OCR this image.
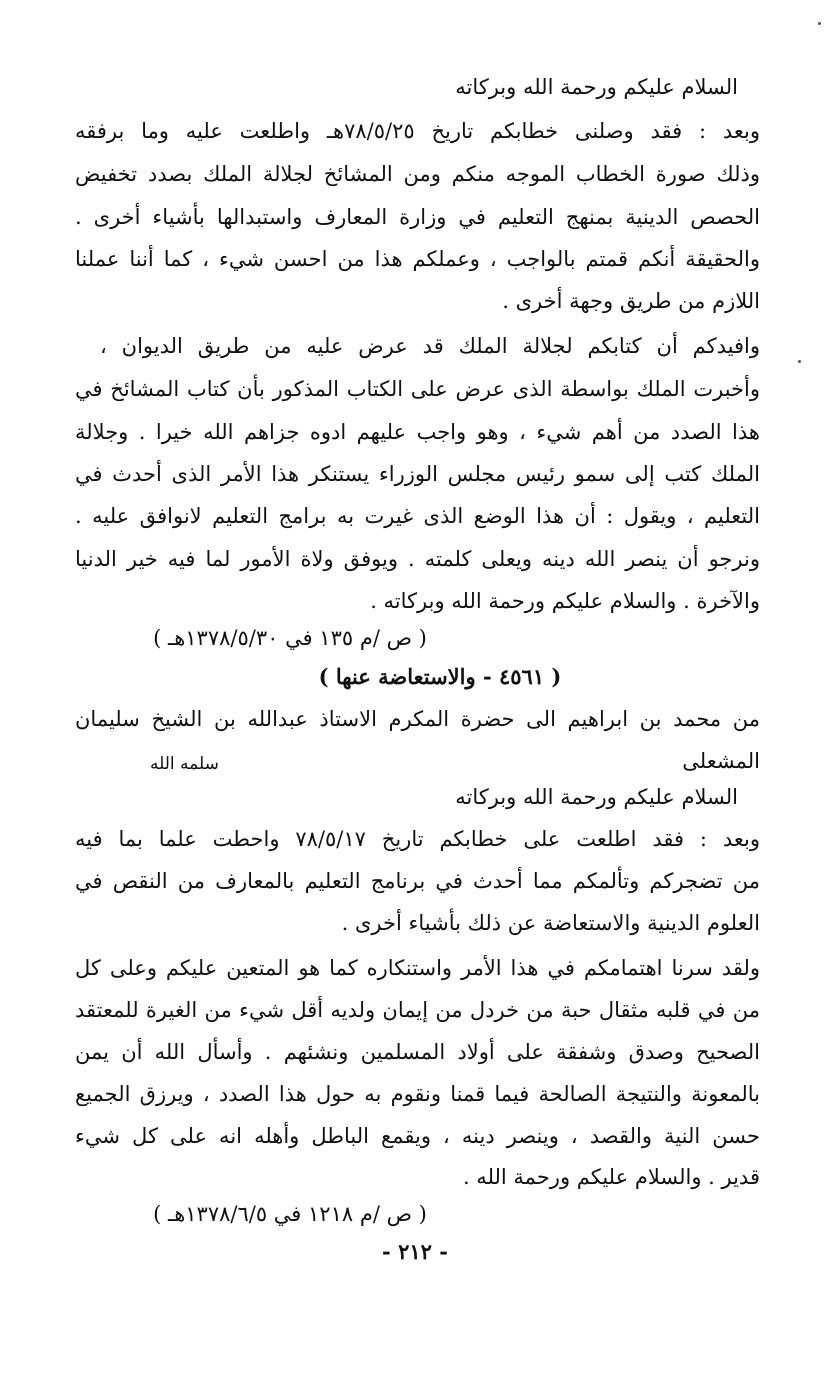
السلام عليكم ورحمة الله وبركاته
وبعد : فقد وصلنى خطابكم تاريخ ٧٨/٥/٢٥هـ واطلعت عليه وما برفقه
وذلك صورة الخطاب الموجه منكم ومن المشائخ لجلالة الملك بصدد تخفيض
الحصص الدينية بمنهج التعليم في وزارة المعارف واستبدالها بأشياء أخرى .
والحقيقة أنكم قمتم بالواجب ، وعملكم هذا من احسن شيء ، كما أننا عملنا
اللازم من طريق وجهة أخرى .
وافيدكم أن كتابكم لجلالة الملك قد عرض عليه من طريق الديوان ،
وأخبرت الملك بواسطة الذى عرض على الكتاب المذكور بأن كتاب المشائخ في
هذا الصدد من أهم شيء ، وهو واجب عليهم ادوه جزاهم الله خيرا . وجلالة
الملك كتب إلى سمو رئيس مجلس الوزراء يستنكر هذا الأمر الذى أحدث في
التعليم ، ويقول : أن هذا الوضع الذى غيرت به برامج التعليم لانوافق عليه .
ونرجو أن ينصر الله دينه ويعلى كلمته . ويوفق ولاة الأمور لما فيه خير الدنيا
والآخرة . والسلام عليكم ورحمة الله وبركاته .
( ص /م ١٣٥ في ١٣٧٨/٥/٣٠هـ )
( ٤٥٦١ - والاستعاضة عنها )
من محمد بن ابراهيم الى حضرة المكرم الاستاذ عبدالله بن الشيخ سليمان
المشعلى
سلمه الله
السلام عليكم ورحمة الله وبركاته
وبعد : فقد اطلعت على خطابكم تاريخ ٧٨/٥/١٧ واحطت علما بما فيه
من تضجركم وتألمكم مما أحدث في برنامج التعليم بالمعارف من النقص في
العلوم الدينية والاستعاضة عن ذلك بأشياء أخرى .
ولقد سرنا اهتمامكم في هذا الأمر واستنكاره كما هو المتعين عليكم وعلى كل
من في قلبه مثقال حبة من خردل من إيمان ولديه أقل شيء من الغيرة للمعتقد
الصحيح وصدق وشفقة على أولاد المسلمين ونشئهم . وأسأل الله أن يمن
بالمعونة والنتيجة الصالحة فيما قمنا ونقوم به حول هذا الصدد ، ويرزق الجميع
حسن النية والقصد ، وينصر دينه ، ويقمع الباطل وأهله انه على كل شيء
قدير . والسلام عليكم ورحمة الله .
( ص /م ١٢١٨ في ١٣٧٨/٦/٥هـ )
- ٢١٢ -
